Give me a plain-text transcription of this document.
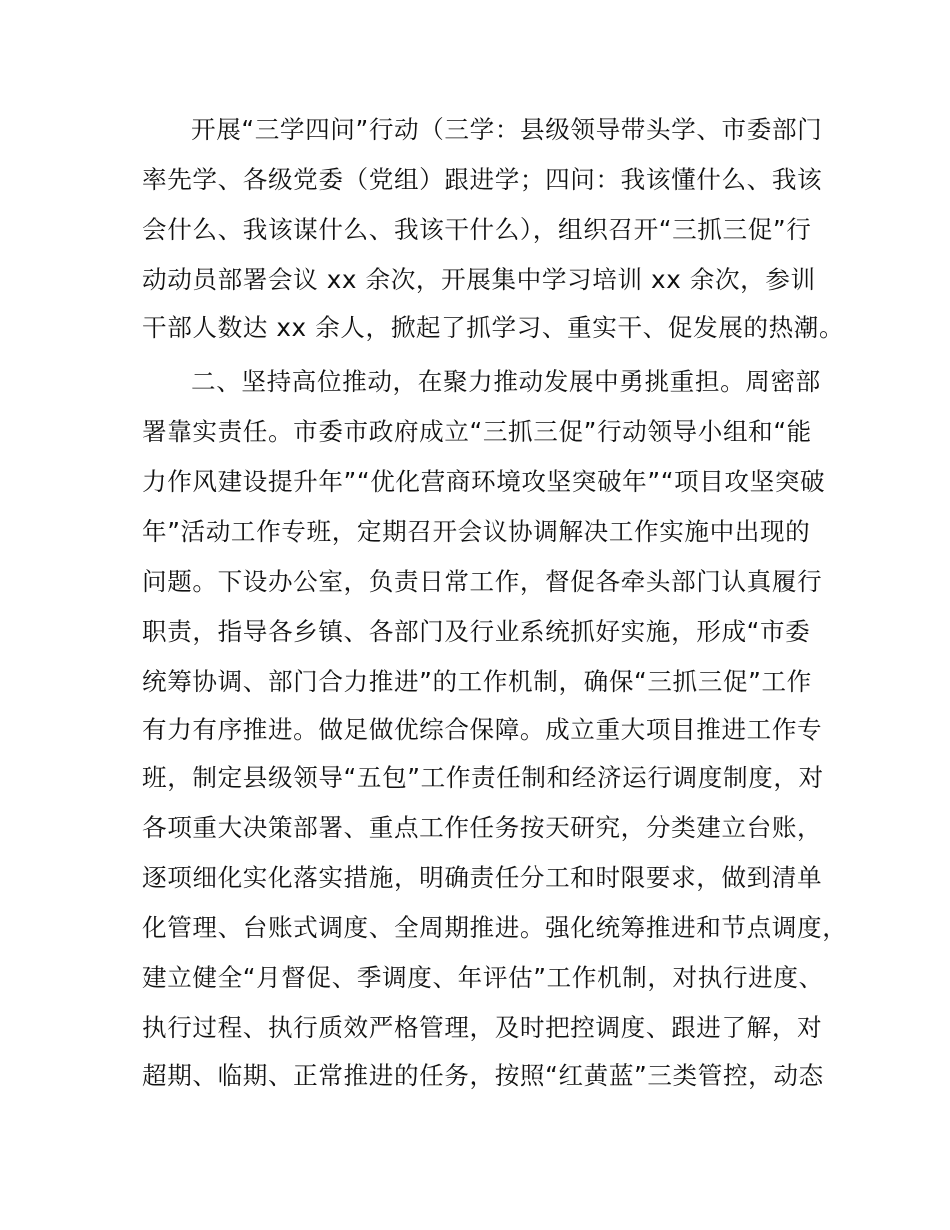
开展“三学四问”行动（三学：县级领导带头学、市委部门
率先学、各级党委（党组）跟进学；四问：我该懂什么、我该
会什么、我该谋什么、我该干什么），组织召开“三抓三促”行
动动员部署会议 xx 余次，开展集中学习培训 xx 余次，参训
干部人数达 xx 余人，掀起了抓学习、重实干、促发展的热潮。
二、坚持高位推动，在聚力推动发展中勇挑重担。周密部
署靠实责任。市委市政府成立“三抓三促”行动领导小组和“能
力作风建设提升年”“优化营商环境攻坚突破年”“项目攻坚突破
年”活动工作专班，定期召开会议协调解决工作实施中出现的
问题。下设办公室，负责日常工作，督促各牵头部门认真履行
职责，指导各乡镇、各部门及行业系统抓好实施，形成“市委
统筹协调、部门合力推进”的工作机制，确保“三抓三促”工作
有力有序推进。做足做优综合保障。成立重大项目推进工作专
班，制定县级领导“五包”工作责任制和经济运行调度制度，对
各项重大决策部署、重点工作任务按天研究，分类建立台账，
逐项细化实化落实措施，明确责任分工和时限要求，做到清单
化管理、台账式调度、全周期推进。强化统筹推进和节点调度，
建立健全“月督促、季调度、年评估”工作机制，对执行进度、
执行过程、执行质效严格管理，及时把控调度、跟进了解，对
超期、临期、正常推进的任务，按照“红黄蓝”三类管控，动态
